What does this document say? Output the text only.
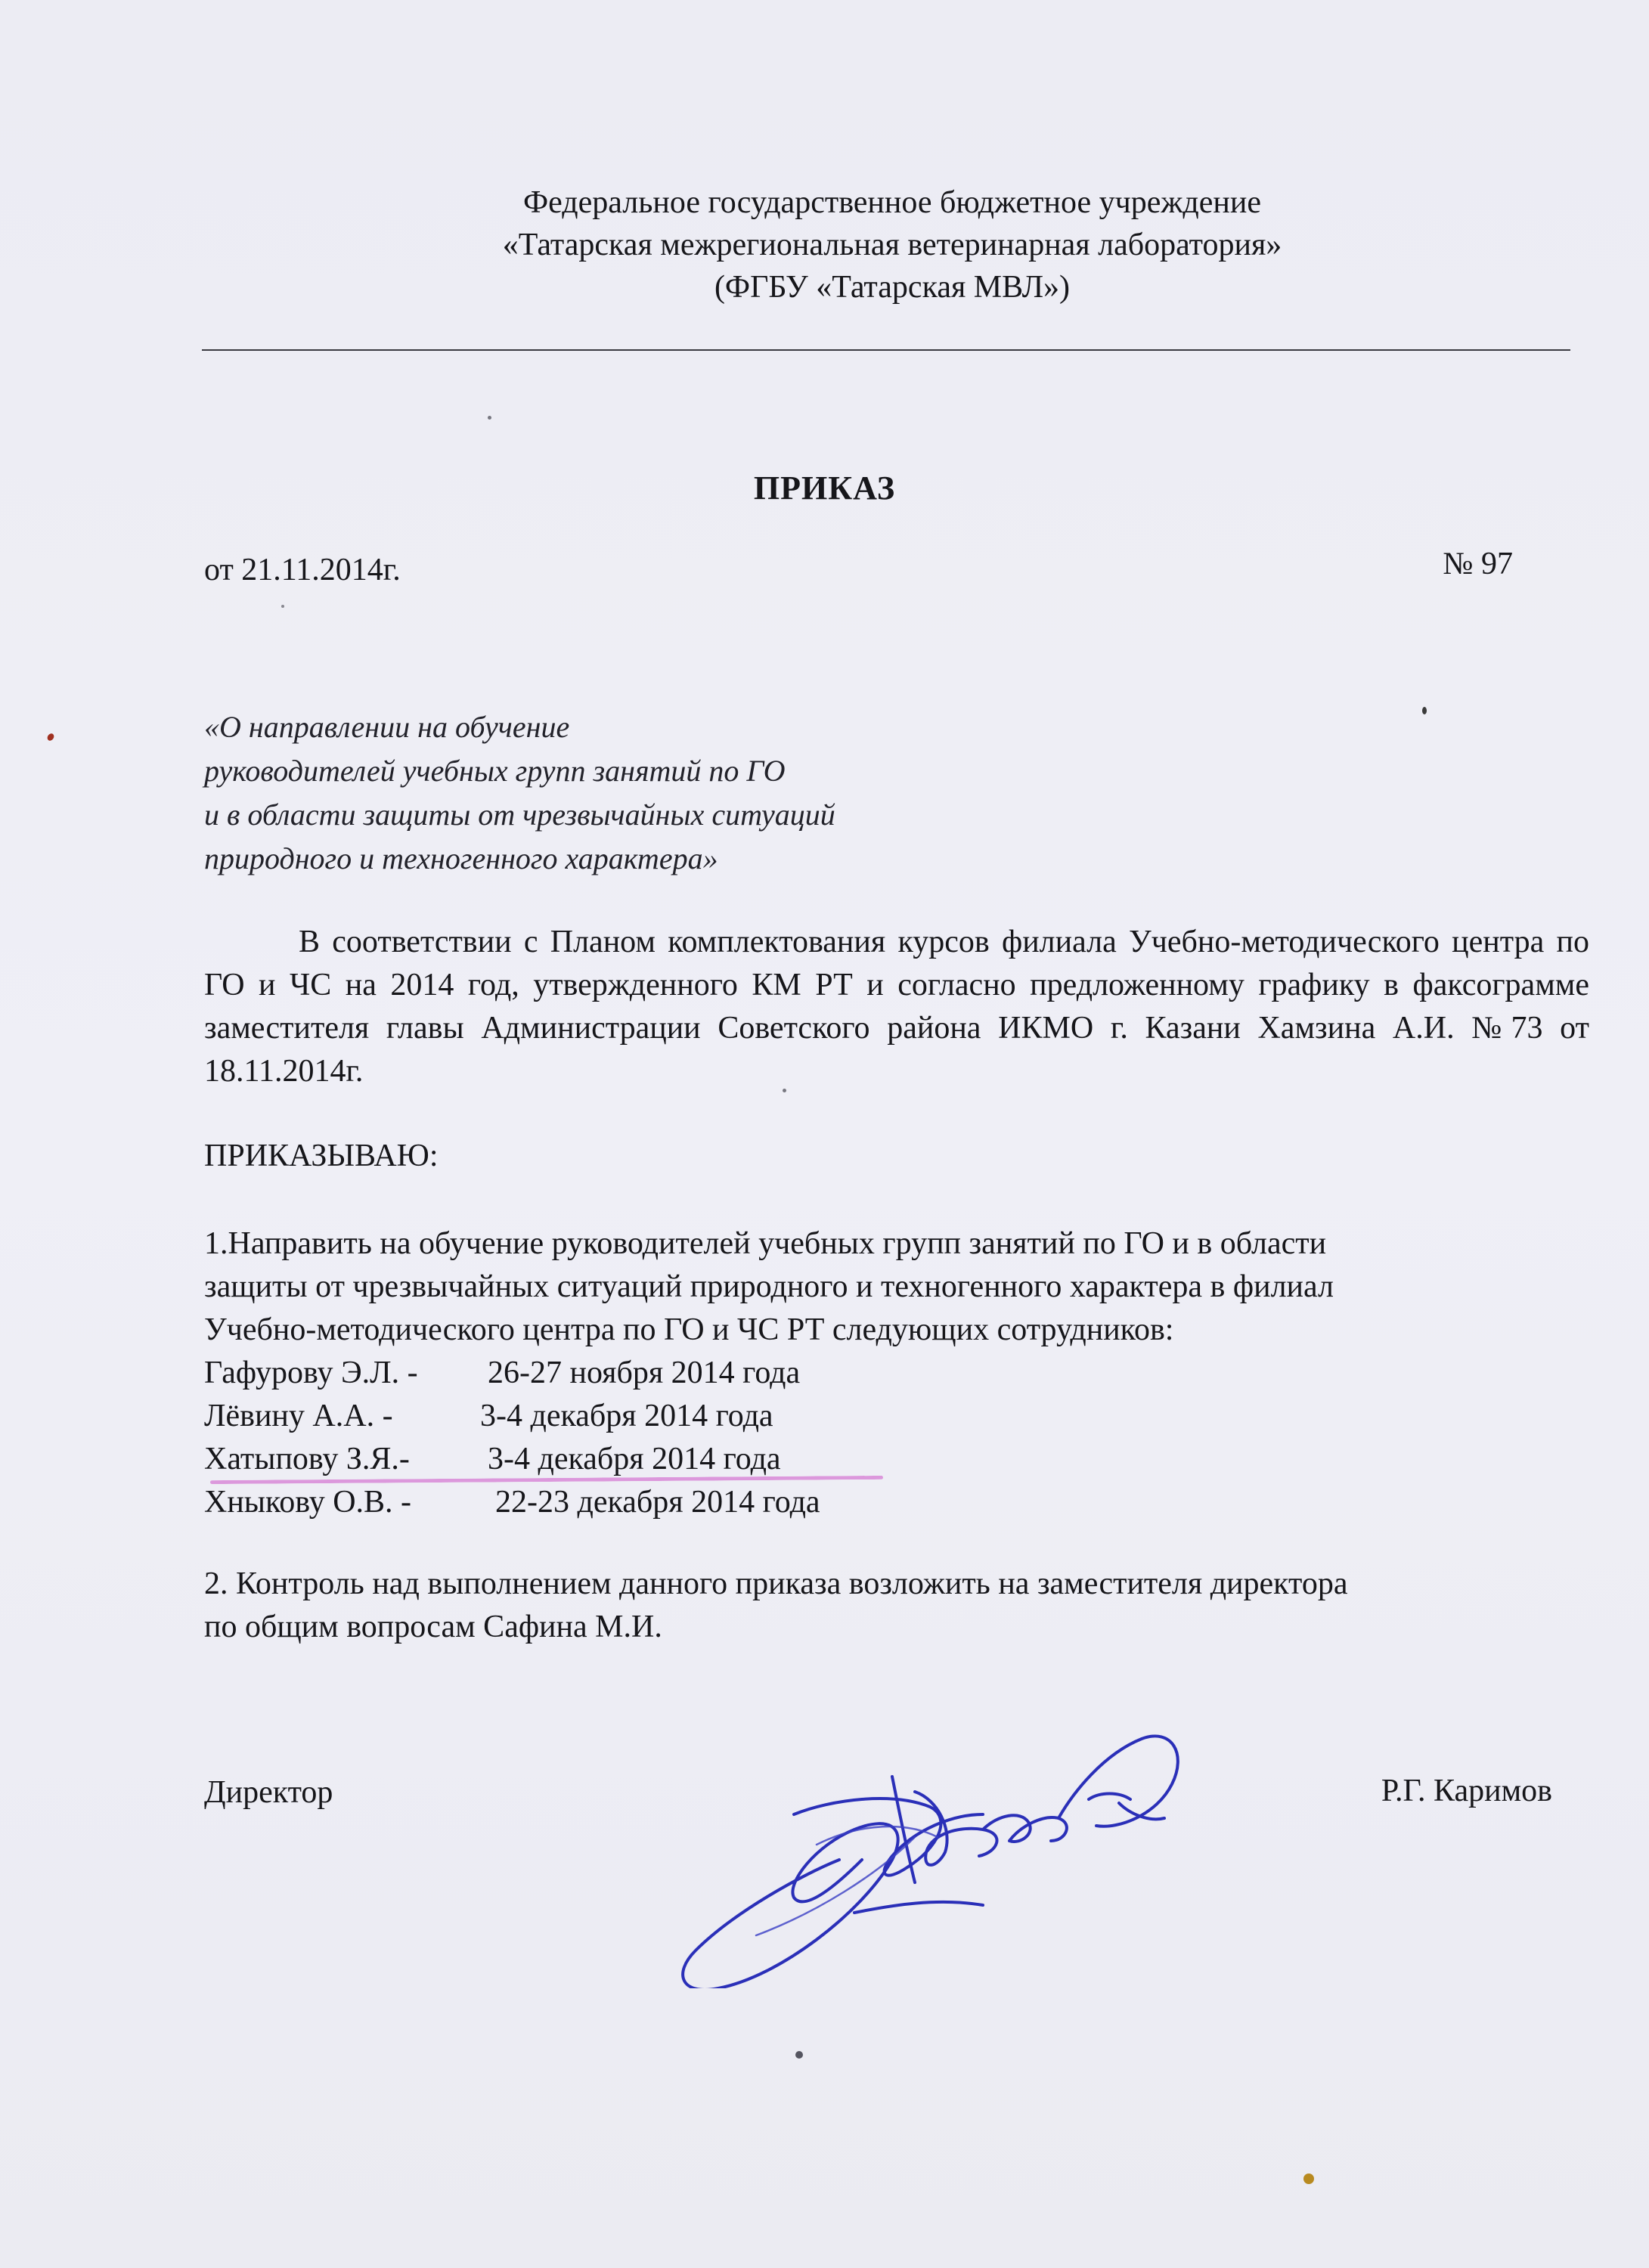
Федеральное государственное бюджетное учреждение
«Татарская межрегиональная ветеринарная лаборатория»
(ФГБУ «Татарская МВЛ»)
ПРИКАЗ
от 21.11.2014г.	№ 97
«О направлении на обучение
руководителей учебных групп занятий по ГО
и в области защиты от чрезвычайных ситуаций
природного и техногенного характера»
В соответствии с Планом комплектования курсов филиала Учебно-методического центра по ГО и ЧС на 2014 год, утвержденного КМ РТ и согласно предложенному графику в факсограмме заместителя главы Администрации Советского района ИКМО г. Казани Хамзина А.И. №73 от 18.11.2014г.
ПРИКАЗЫВАЮ:
1.Направить на обучение руководителей учебных групп занятий по ГО и в области
защиты от чрезвычайных ситуаций природного и техногенного характера в филиал
Учебно-методического центра по ГО и ЧС РТ следующих сотрудников:
Гафурову Э.Л. - 26-27 ноября 2014 года
Лёвину А.А. -	3-4 декабря 2014 года
Хатыпову З.Я.- 3-4 декабря 2014 года
Хныкову О.В. -	22-23 декабря 2014 года
2. Контроль над выполнением данного приказа возложить на заместителя директора
по общим вопросам Сафина М.И.
Директор	Р.Г. Каримов
